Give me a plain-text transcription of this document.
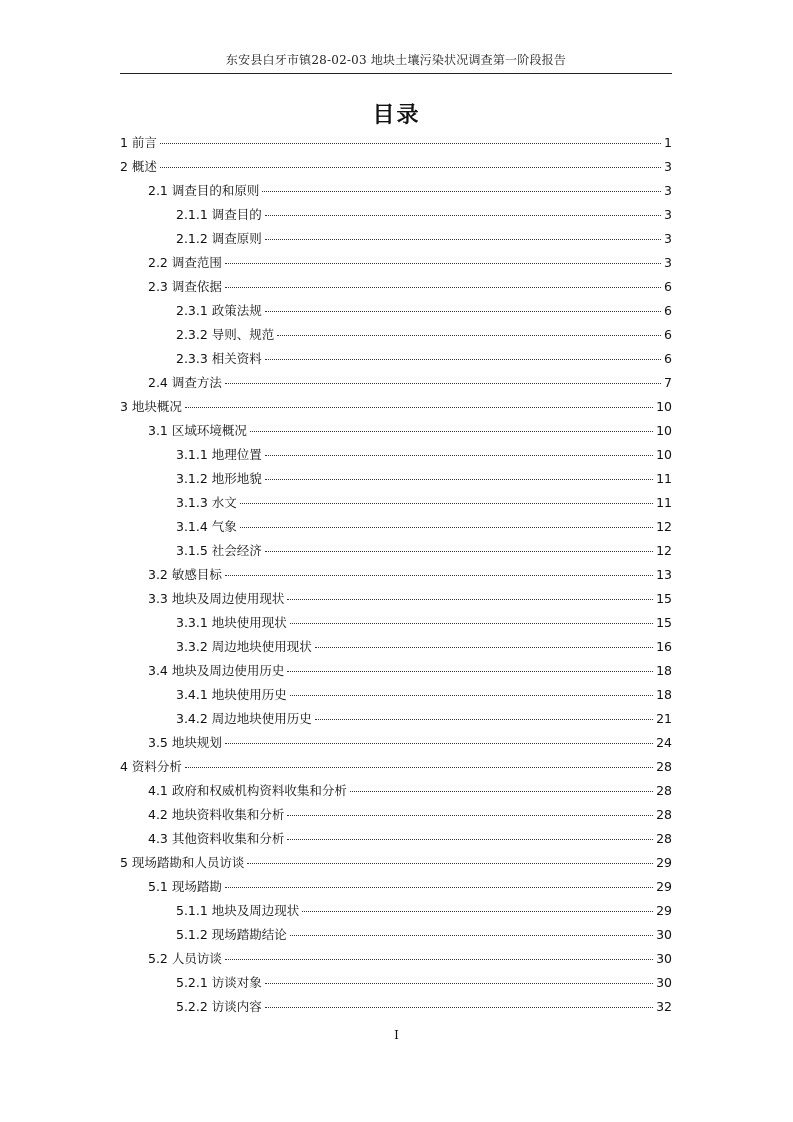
东安县白牙市镇28-02-03 地块土壤污染状况调查第一阶段报告
目录
1 前言	1
2 概述	3
2.1 调查目的和原则	3
2.1.1 调查目的	3
2.1.2 调查原则	3
2.2 调查范围	3
2.3 调查依据	6
2.3.1 政策法规	6
2.3.2 导则、规范	6
2.3.3 相关资料	6
2.4 调查方法	7
3 地块概况	10
3.1 区域环境概况	10
3.1.1 地理位置	10
3.1.2 地形地貌	11
3.1.3 水文	11
3.1.4 气象	12
3.1.5 社会经济	12
3.2 敏感目标	13
3.3 地块及周边使用现状	15
3.3.1 地块使用现状	15
3.3.2 周边地块使用现状	16
3.4 地块及周边使用历史	18
3.4.1 地块使用历史	18
3.4.2 周边地块使用历史	21
3.5 地块规划	24
4 资料分析	28
4.1 政府和权威机构资料收集和分析	28
4.2 地块资料收集和分析	28
4.3 其他资料收集和分析	28
5 现场踏勘和人员访谈	29
5.1 现场踏勘	29
5.1.1 地块及周边现状	29
5.1.2 现场踏勘结论	30
5.2 人员访谈	30
5.2.1 访谈对象	30
5.2.2 访谈内容	32
I
